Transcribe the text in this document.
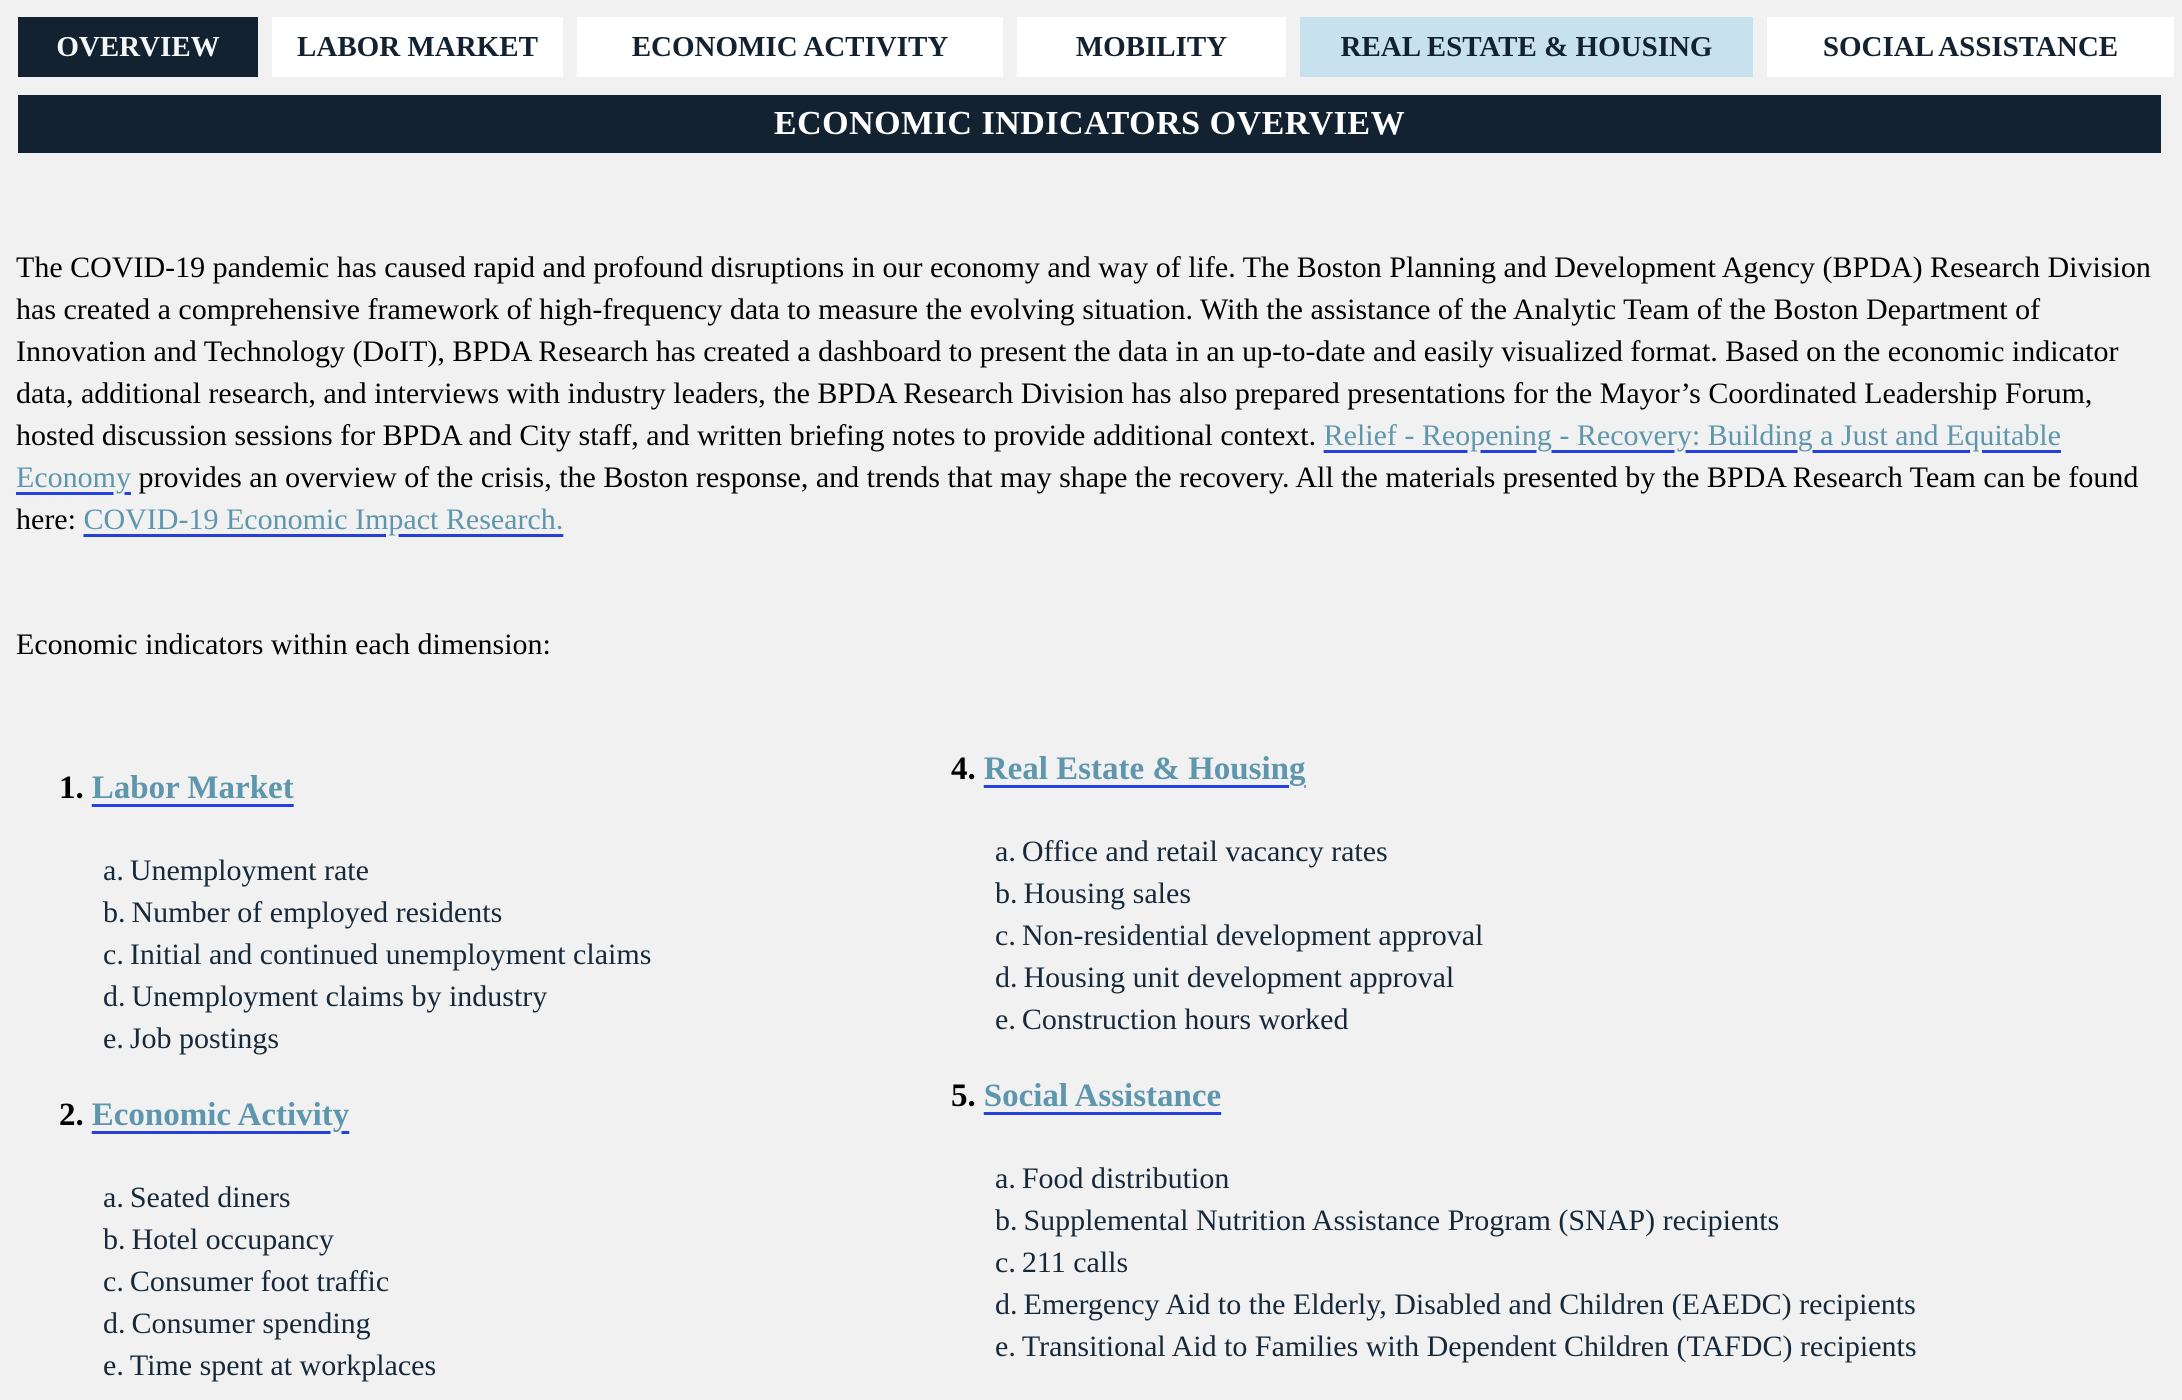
OVERVIEW	LABOR MARKET	ECONOMIC ACTIVITY	MOBILITY	REAL ESTATE & HOUSING	SOCIAL ASSISTANCE
ECONOMIC INDICATORS OVERVIEW

The COVID-19 pandemic has caused rapid and profound disruptions in our economy and way of life. The Boston Planning and Development Agency (BPDA) Research Division has created a comprehensive framework of high-frequency data to measure the evolving situation. With the assistance of the Analytic Team of the Boston Department of Innovation and Technology (DoIT), BPDA Research has created a dashboard to present the data in an up-to-date and easily visualized format. Based on the economic indicator data, additional research, and interviews with industry leaders, the BPDA Research Division has also prepared presentations for the Mayor’s Coordinated Leadership Forum, hosted discussion sessions for BPDA and City staff, and written briefing notes to provide additional context. Relief - Reopening - Recovery: Building a Just and Equitable Economy provides an overview of the crisis, the Boston response, and trends that may shape the recovery. All the materials presented by the BPDA Research Team can be found here: COVID-19 Economic Impact Research.

Economic indicators within each dimension:

1. Labor Market
a. Unemployment rate
b. Number of employed residents
c. Initial and continued unemployment claims
d. Unemployment claims by industry
e. Job postings
2. Economic Activity
a. Seated diners
b. Hotel occupancy
c. Consumer foot traffic
d. Consumer spending
e. Time spent at workplaces
4. Real Estate & Housing
a. Office and retail vacancy rates
b. Housing sales
c. Non-residential development approval
d. Housing unit development approval
e. Construction hours worked
5. Social Assistance
a. Food distribution
b. Supplemental Nutrition Assistance Program (SNAP) recipients
c. 211 calls
d. Emergency Aid to the Elderly, Disabled and Children (EAEDC) recipients
e. Transitional Aid to Families with Dependent Children (TAFDC) recipients
